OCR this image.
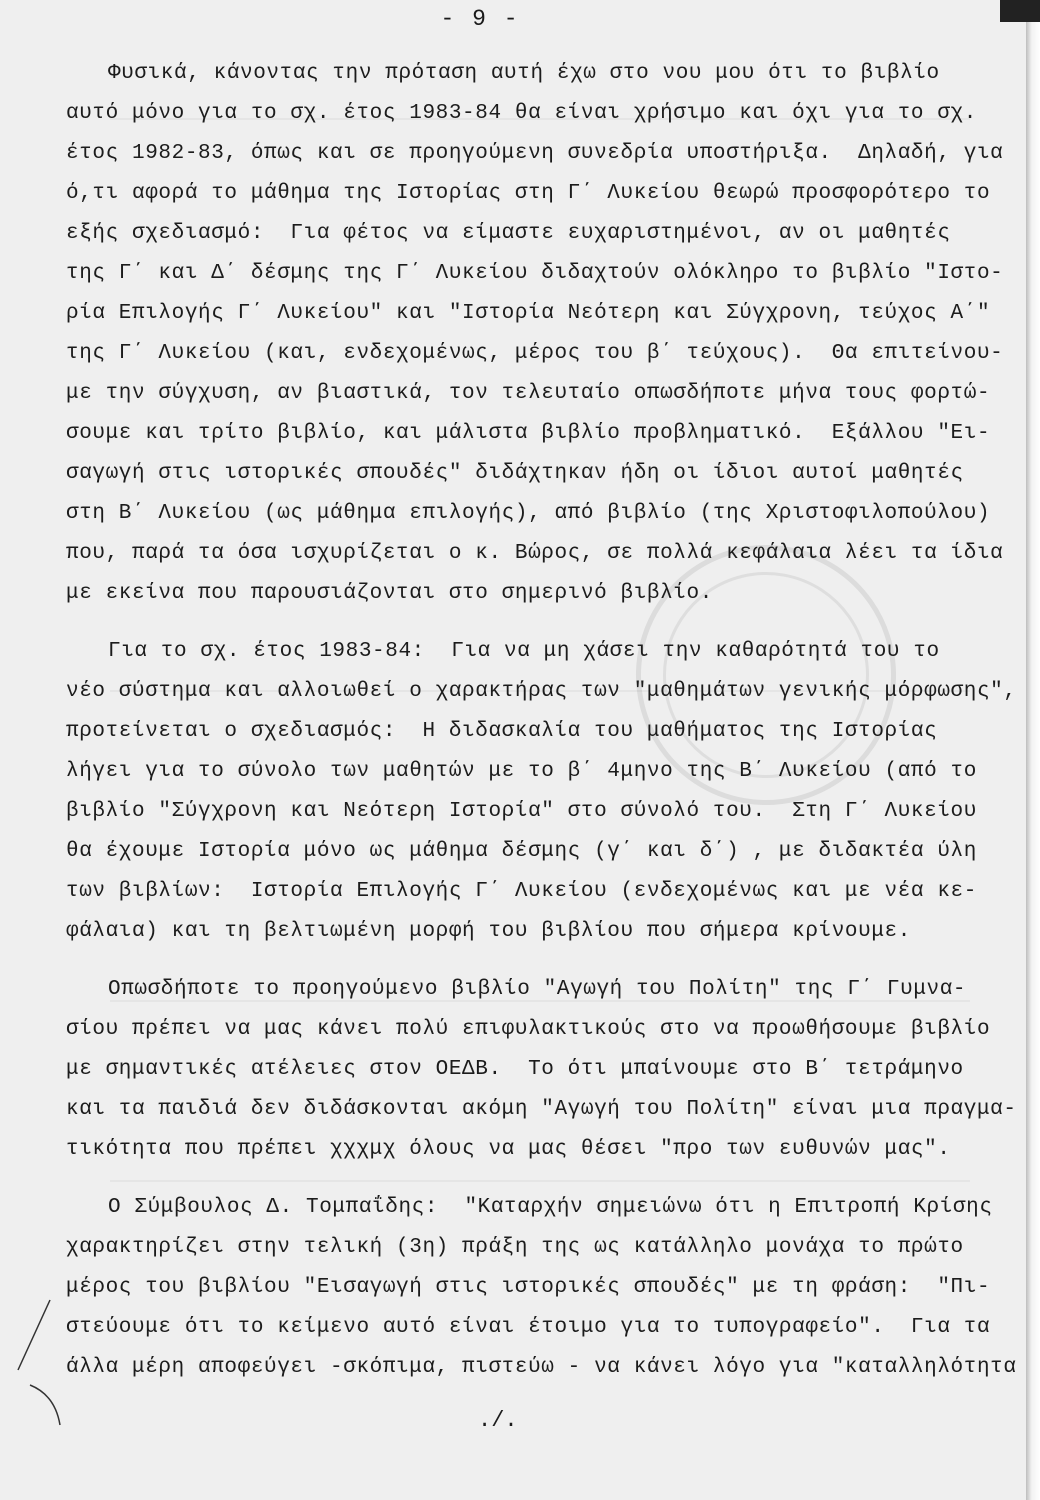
- 9 -
Φυσικά, κάνοντας την πρόταση αυτή έχω στο νου μου ότι το βιβλίο
αυτό μόνο για το σχ. έτος 1983-84 θα είναι χρήσιμο και όχι για το σχ.
έτος 1982-83, όπως και σε προηγούμενη συνεδρία υποστήριξα.  Δηλαδή, για
ό,τι αφορά το μάθημα της Ιστορίας στη Γ΄ Λυκείου θεωρώ προσφορότερο το
εξής σχεδιασμό:  Για φέτος να είμαστε ευχαριστημένοι, αν οι μαθητές
της Γ΄ και Δ΄ δέσμης της Γ΄ Λυκείου διδαχτούν ολόκληρο το βιβλίο "Ιστο-
ρία Επιλογής Γ΄ Λυκείου" και "Ιστορία Νεότερη και Σύγχρονη, τεύχος Α΄"
της Γ΄ Λυκείου (και, ενδεχομένως, μέρος του β΄ τεύχους).  Θα επιτείνου-
με την σύγχυση, αν βιαστικά, τον τελευταίο οπωσδήποτε μήνα τους φορτώ-
σουμε και τρίτο βιβλίο, και μάλιστα βιβλίο προβληματικό.  Εξάλλου "Ει-
σαγωγή στις ιστορικές σπουδές" διδάχτηκαν ήδη οι ίδιοι αυτοί μαθητές
στη Β΄ Λυκείου (ως μάθημα επιλογής), από βιβλίο (της Χριστοφιλοπούλου)
που, παρά τα όσα ισχυρίζεται ο κ. Βώρος, σε πολλά κεφάλαια λέει τα ίδια
με εκείνα που παρουσιάζονται στο σημερινό βιβλίο.
Για το σχ. έτος 1983-84:  Για να μη χάσει την καθαρότητά του το
νέο σύστημα και αλλοιωθεί ο χαρακτήρας των "μαθημάτων γενικής μόρφωσης",
προτείνεται ο σχεδιασμός:  Η διδασκαλία του μαθήματος της Ιστορίας
λήγει για το σύνολο των μαθητών με το β΄ 4μηνο της Β΄ Λυκείου (από το
βιβλίο "Σύγχρονη και Νεότερη Ιστορία" στο σύνολό του.  Στη Γ΄ Λυκείου
θα έχουμε Ιστορία μόνο ως μάθημα δέσμης (γ΄ και δ΄) , με διδακτέα ύλη
των βιβλίων:  Ιστορία Επιλογής Γ΄ Λυκείου (ενδεχομένως και με νέα κε-
φάλαια) και τη βελτιωμένη μορφή του βιβλίου που σήμερα κρίνουμε.
Οπωσδήποτε το προηγούμενο βιβλίο "Αγωγή του Πολίτη" της Γ΄ Γυμνα-
σίου πρέπει να μας κάνει πολύ επιφυλακτικούς στο να προωθήσουμε βιβλίο
με σημαντικές ατέλειες στον ΟΕΔΒ.  Το ότι μπαίνουμε στο Β΄ τετράμηνο
και τα παιδιά δεν διδάσκονται ακόμη "Αγωγή του Πολίτη" είναι μια πραγμα-
τικότητα που πρέπει χχχμχ όλους να μας θέσει "προ των ευθυνών μας".
Ο Σύμβουλος Δ. Τομπαΐδης:  "Καταρχήν σημειώνω ότι η Επιτροπή Κρίσης
χαρακτηρίζει στην τελική (3η) πράξη της ως κατάλληλο μονάχα το πρώτο
μέρος του βιβλίου "Εισαγωγή στις ιστορικές σπουδές" με τη φράση:  "Πι-
στεύουμε ότι το κείμενο αυτό είναι έτοιμο για το τυπογραφείο".  Για τα
άλλα μέρη αποφεύγει -σκόπιμα, πιστεύω - να κάνει λόγο για "καταλληλότητα
./.
